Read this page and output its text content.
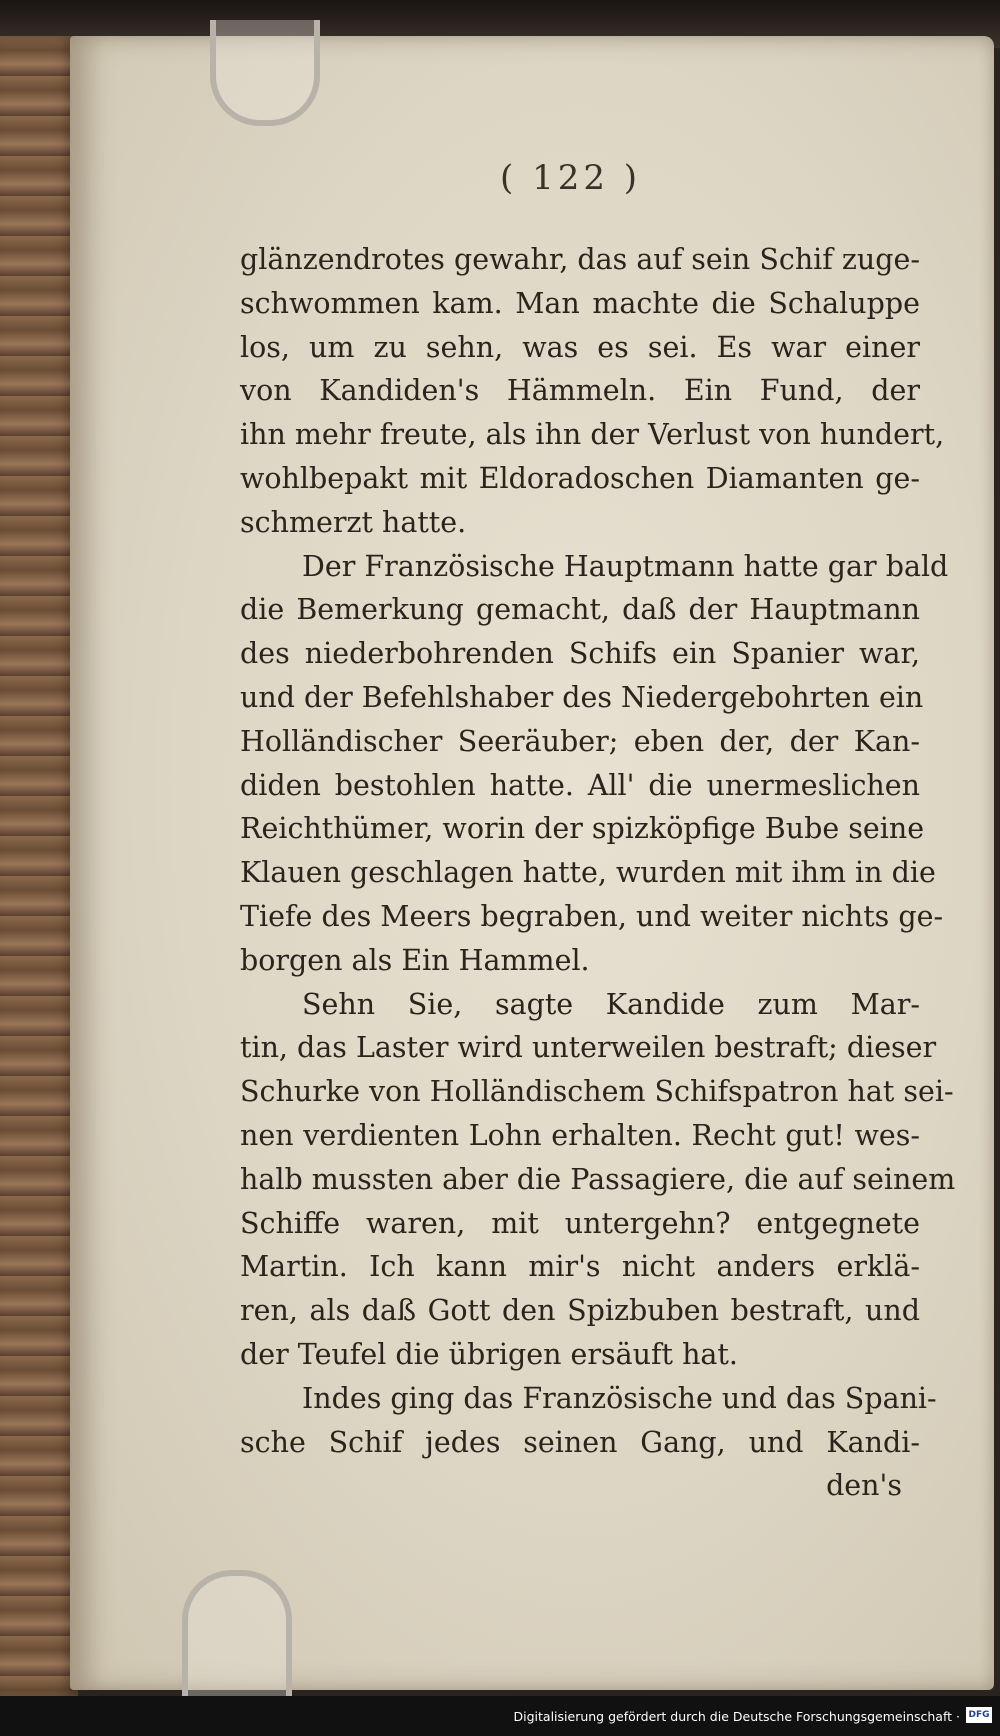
( 122 )
glänzendrotes gewahr, das auf sein Schif zuge-
schwommen kam. Man machte die Schaluppe
los, um zu sehn, was es sei. Es war einer
von Kandiden's Hämmeln. Ein Fund, der
ihn mehr freute, als ihn der Verlust von hundert,
wohlbepakt mit Eldoradoschen Diamanten ge-
schmerzt hatte.
Der Französische Hauptmann hatte gar bald
die Bemerkung gemacht, daß der Hauptmann
des niederbohrenden Schifs ein Spanier war,
und der Befehlshaber des Niedergebohrten ein
Holländischer Seeräuber; eben der, der Kan-
diden bestohlen hatte. All' die unermeslichen
Reichthümer, worin der spizköpfige Bube seine
Klauen geschlagen hatte, wurden mit ihm in die
Tiefe des Meers begraben, und weiter nichts ge-
borgen als Ein Hammel.
Sehn Sie, sagte Kandide zum Mar-
tin, das Laster wird unterweilen bestraft; dieser
Schurke von Holländischem Schifspatron hat sei-
nen verdienten Lohn erhalten. Recht gut! wes-
halb mussten aber die Passagiere, die auf seinem
Schiffe waren, mit untergehn? entgegnete
Martin. Ich kann mir's nicht anders erklä-
ren, als daß Gott den Spizbuben bestraft, und
der Teufel die übrigen ersäuft hat.
Indes ging das Französische und das Spani-
sche Schif jedes seinen Gang, und Kandi-
den's
Digitalisierung gefördert durch die Deutsche Forschungsgemeinschaft · DFG
